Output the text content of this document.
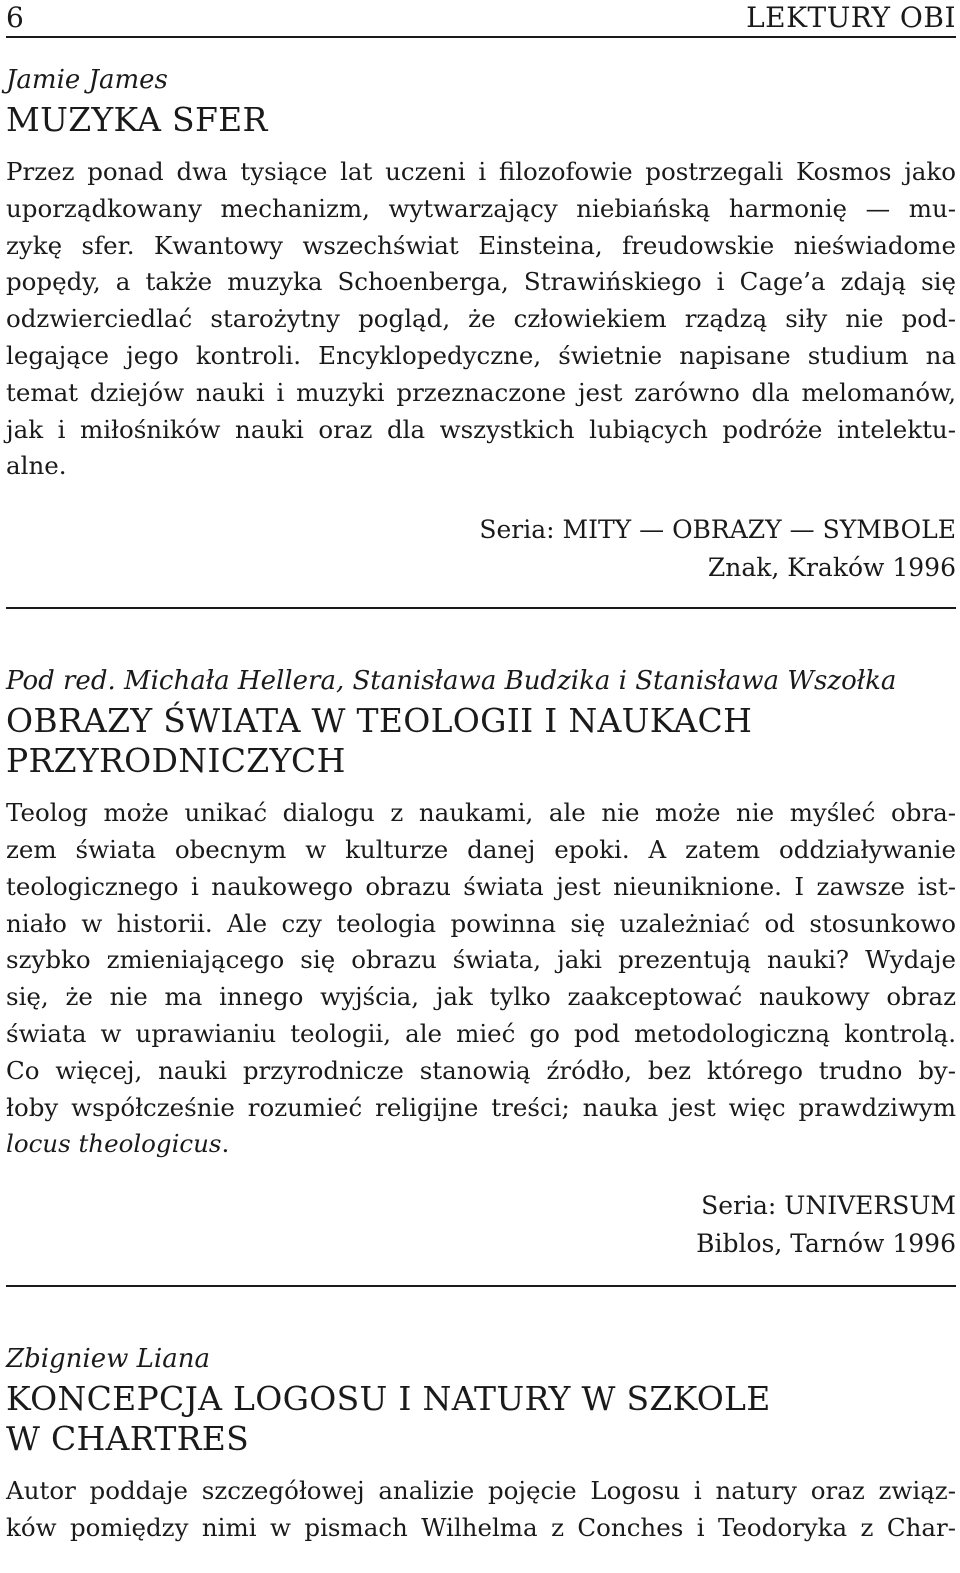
6	LEKTURY OBI

Jamie James

MUZYKA SFER
Przez ponad dwa tysiące lat uczeni i filozofowie postrzegali Kosmos jako
uporządkowany mechanizm, wytwarzający niebiańską harmonię — mu-
zykę sfer. Kwantowy wszechświat Einsteina, freudowskie nieświadome
popędy, a także muzyka Schoenberga, Strawińskiego i Cage’a zdają się
odzwierciedlać starożytny pogląd, że człowiekiem rządzą siły nie pod-
legające jego kontroli. Encyklopedyczne, świetnie napisane studium na
temat dziejów nauki i muzyki przeznaczone jest zarówno dla melomanów,
jak i miłośników nauki oraz dla wszystkich lubiących podróże intelektu-
alne.

Seria: MITY — OBRAZY — SYMBOLE

Znak, Kraków 1996

Pod red. Michała Hellera, Stanisława Budzika i Stanisława Wszołka

OBRAZY ŚWIATA W TEOLOGII I NAUKACH
PRZYRODNICZYCH
Teolog może unikać dialogu z naukami, ale nie może nie myśleć obra-
zem świata obecnym w kulturze danej epoki. A zatem oddziaływanie
teologicznego i naukowego obrazu świata jest nieuniknione. I zawsze ist-
niało w historii. Ale czy teologia powinna się uzależniać od stosunkowo
szybko zmieniającego się obrazu świata, jaki prezentują nauki? Wydaje
się, że nie ma innego wyjścia, jak tylko zaakceptować naukowy obraz
świata w uprawianiu teologii, ale mieć go pod metodologiczną kontrolą.
Co więcej, nauki przyrodnicze stanowią źródło, bez którego trudno by-
łoby współcześnie rozumieć religijne treści; nauka jest więc prawdziwym
locus theologicus.

Seria: UNIVERSUM

Biblos, Tarnów 1996

Zbigniew Liana

KONCEPCJA LOGOSU I NATURY W SZKOLE
W CHARTRES
Autor poddaje szczegółowej analizie pojęcie Logosu i natury oraz związ-
ków pomiędzy nimi w pismach Wilhelma z Conches i Teodoryka z Char-
